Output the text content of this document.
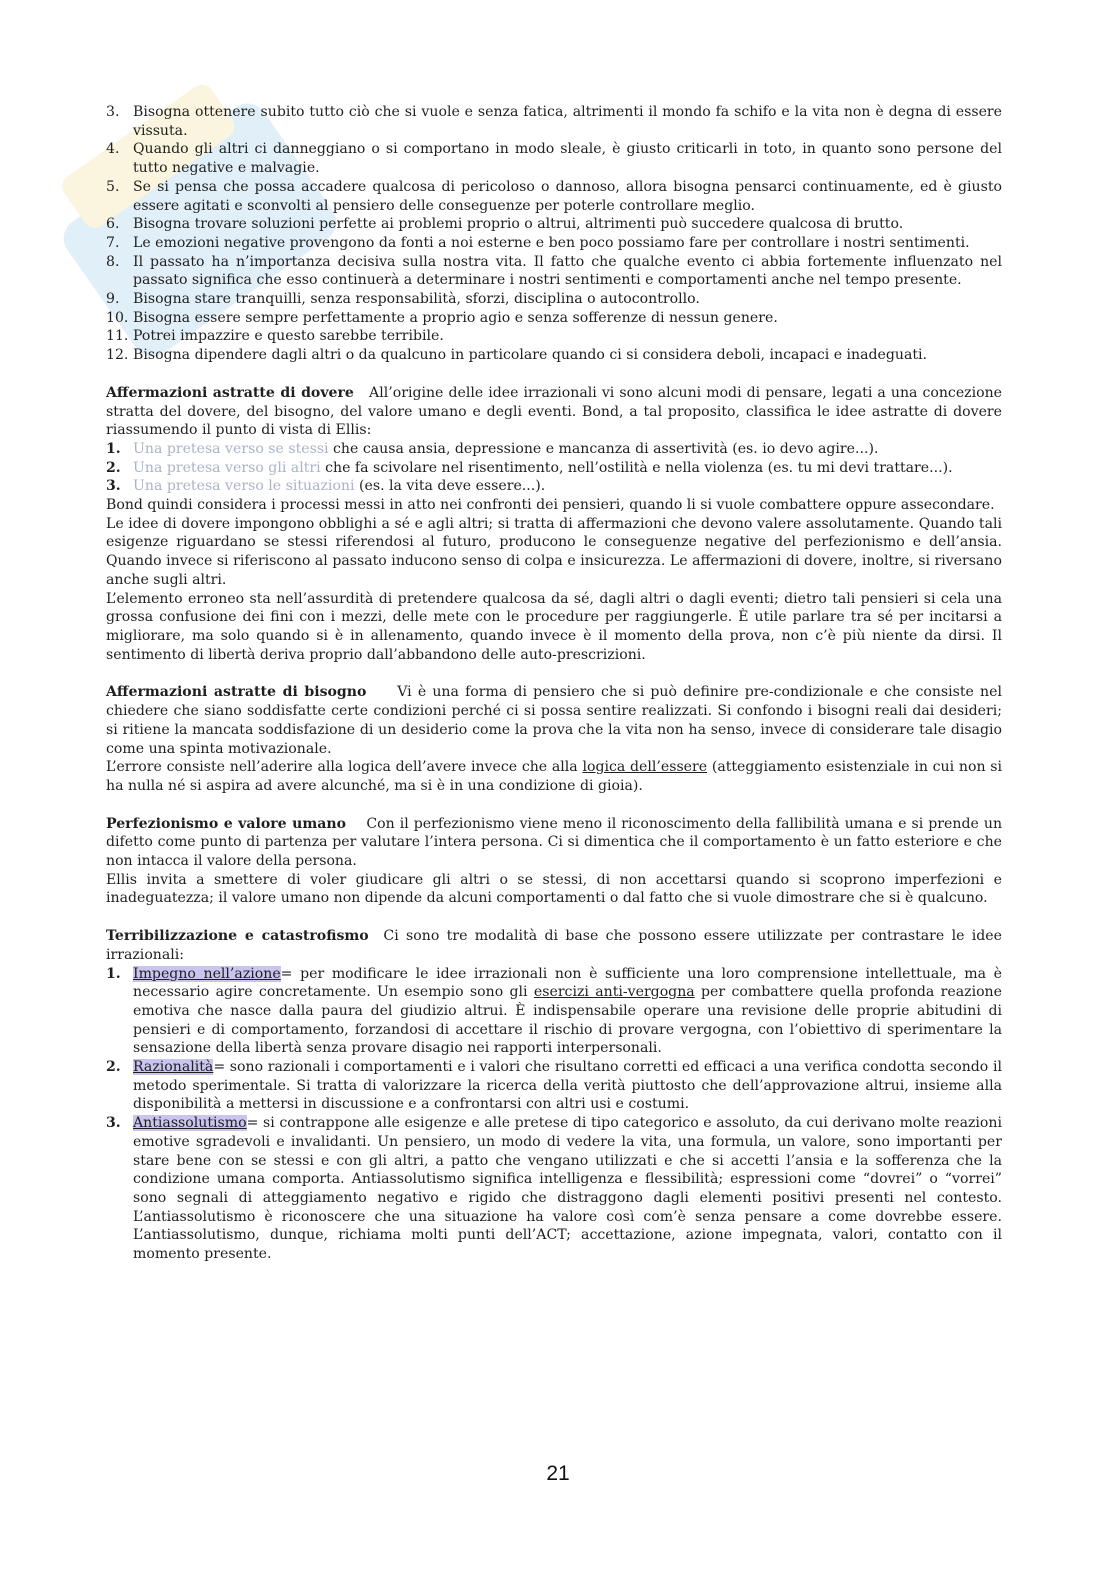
3. Bisogna ottenere subito tutto ciò che si vuole e senza fatica, altrimenti il mondo fa schifo e la vita non è degna di essere vissuta.
4. Quando gli altri ci danneggiano o si comportano in modo sleale, è giusto criticarli in toto, in quanto sono persone del tutto negative e malvagie.
5. Se si pensa che possa accadere qualcosa di pericoloso o dannoso, allora bisogna pensarci continuamente, ed è giusto essere agitati e sconvolti al pensiero delle conseguenze per poterle controllare meglio.
6. Bisogna trovare soluzioni perfette ai problemi proprio o altrui, altrimenti può succedere qualcosa di brutto.
7. Le emozioni negative provengono da fonti a noi esterne e ben poco possiamo fare per controllare i nostri sentimenti.
8. Il passato ha n’importanza decisiva sulla nostra vita. Il fatto che qualche evento ci abbia fortemente influenzato nel passato significa che esso continuerà a determinare i nostri sentimenti e comportamenti anche nel tempo presente.
9. Bisogna stare tranquilli, senza responsabilità, sforzi, disciplina o autocontrollo.
10. Bisogna essere sempre perfettamente a proprio agio e senza sofferenze di nessun genere.
11. Potrei impazzire e questo sarebbe terribile.
12. Bisogna dipendere dagli altri o da qualcuno in particolare quando ci si considera deboli, incapaci e inadeguati.

Affermazioni astratte di dovere All’origine delle idee irrazionali vi sono alcuni modi di pensare, legati a una concezione stratta del dovere, del bisogno, del valore umano e degli eventi. Bond, a tal proposito, classifica le idee astratte di dovere riassumendo il punto di vista di Ellis:

1. Una pretesa verso se stessi che causa ansia, depressione e mancanza di assertività (es. io devo agire...).
2. Una pretesa verso gli altri che fa scivolare nel risentimento, nell’ostilità e nella violenza (es. tu mi devi trattare...).
3. Una pretesa verso le situazioni (es. la vita deve essere...).

Bond quindi considera i processi messi in atto nei confronti dei pensieri, quando li si vuole combattere oppure assecondare.

Le idee di dovere impongono obblighi a sé e agli altri; si tratta di affermazioni che devono valere assolutamente. Quando tali esigenze riguardano se stessi riferendosi al futuro, producono le conseguenze negative del perfezionismo e dell’ansia. Quando invece si riferiscono al passato inducono senso di colpa e insicurezza. Le affermazioni di dovere, inoltre, si riversano anche sugli altri.

L’elemento erroneo sta nell’assurdità di pretendere qualcosa da sé, dagli altri o dagli eventi; dietro tali pensieri si cela una grossa confusione dei fini con i mezzi, delle mete con le procedure per raggiungerle. È utile parlare tra sé per incitarsi a migliorare, ma solo quando si è in allenamento, quando invece è il momento della prova, non c’è più niente da dirsi. Il sentimento di libertà deriva proprio dall’abbandono delle auto-prescrizioni.

Affermazioni astratte di bisogno Vi è una forma di pensiero che si può definire pre-condizionale e che consiste nel chiedere che siano soddisfatte certe condizioni perché ci si possa sentire realizzati. Si confondo i bisogni reali dai desideri; si ritiene la mancata soddisfazione di un desiderio come la prova che la vita non ha senso, invece di considerare tale disagio come una spinta motivazionale.

L’errore consiste nell’aderire alla logica dell’avere invece che alla logica dell’essere (atteggiamento esistenziale in cui non si ha nulla né si aspira ad avere alcunché, ma si è in una condizione di gioia).

Perfezionismo e valore umano Con il perfezionismo viene meno il riconoscimento della fallibilità umana e si prende un difetto come punto di partenza per valutare l’intera persona. Ci si dimentica che il comportamento è un fatto esteriore e che non intacca il valore della persona.

Ellis invita a smettere di voler giudicare gli altri o se stessi, di non accettarsi quando si scoprono imperfezioni e inadeguatezza; il valore umano non dipende da alcuni comportamenti o dal fatto che si vuole dimostrare che si è qualcuno.

Terribilizzazione e catastrofismo Ci sono tre modalità di base che possono essere utilizzate per contrastare le idee irrazionali:

1. Impegno nell’azione= per modificare le idee irrazionali non è sufficiente una loro comprensione intellettuale, ma è necessario agire concretamente. Un esempio sono gli esercizi anti-vergogna per combattere quella profonda reazione emotiva che nasce dalla paura del giudizio altrui. È indispensabile operare una revisione delle proprie abitudini di pensieri e di comportamento, forzandosi di accettare il rischio di provare vergogna, con l’obiettivo di sperimentare la sensazione della libertà senza provare disagio nei rapporti interpersonali.
2. Razionalità= sono razionali i comportamenti e i valori che risultano corretti ed efficaci a una verifica condotta secondo il metodo sperimentale. Si tratta di valorizzare la ricerca della verità piuttosto che dell’approvazione altrui, insieme alla disponibilità a mettersi in discussione e a confrontarsi con altri usi e costumi.
3. Antiassolutismo= si contrappone alle esigenze e alle pretese di tipo categorico e assoluto, da cui derivano molte reazioni emotive sgradevoli e invalidanti. Un pensiero, un modo di vedere la vita, una formula, un valore, sono importanti per stare bene con se stessi e con gli altri, a patto che vengano utilizzati e che si accetti l’ansia e la sofferenza che la condizione umana comporta. Antiassolutismo significa intelligenza e flessibilità; espressioni come “dovrei” o “vorrei” sono segnali di atteggiamento negativo e rigido che distraggono dagli elementi positivi presenti nel contesto. L’antiassolutismo è riconoscere che una situazione ha valore così com’è senza pensare a come dovrebbe essere. L’antiassolutismo, dunque, richiama molti punti dell’ACT; accettazione, azione impegnata, valori, contatto con il momento presente.
21
